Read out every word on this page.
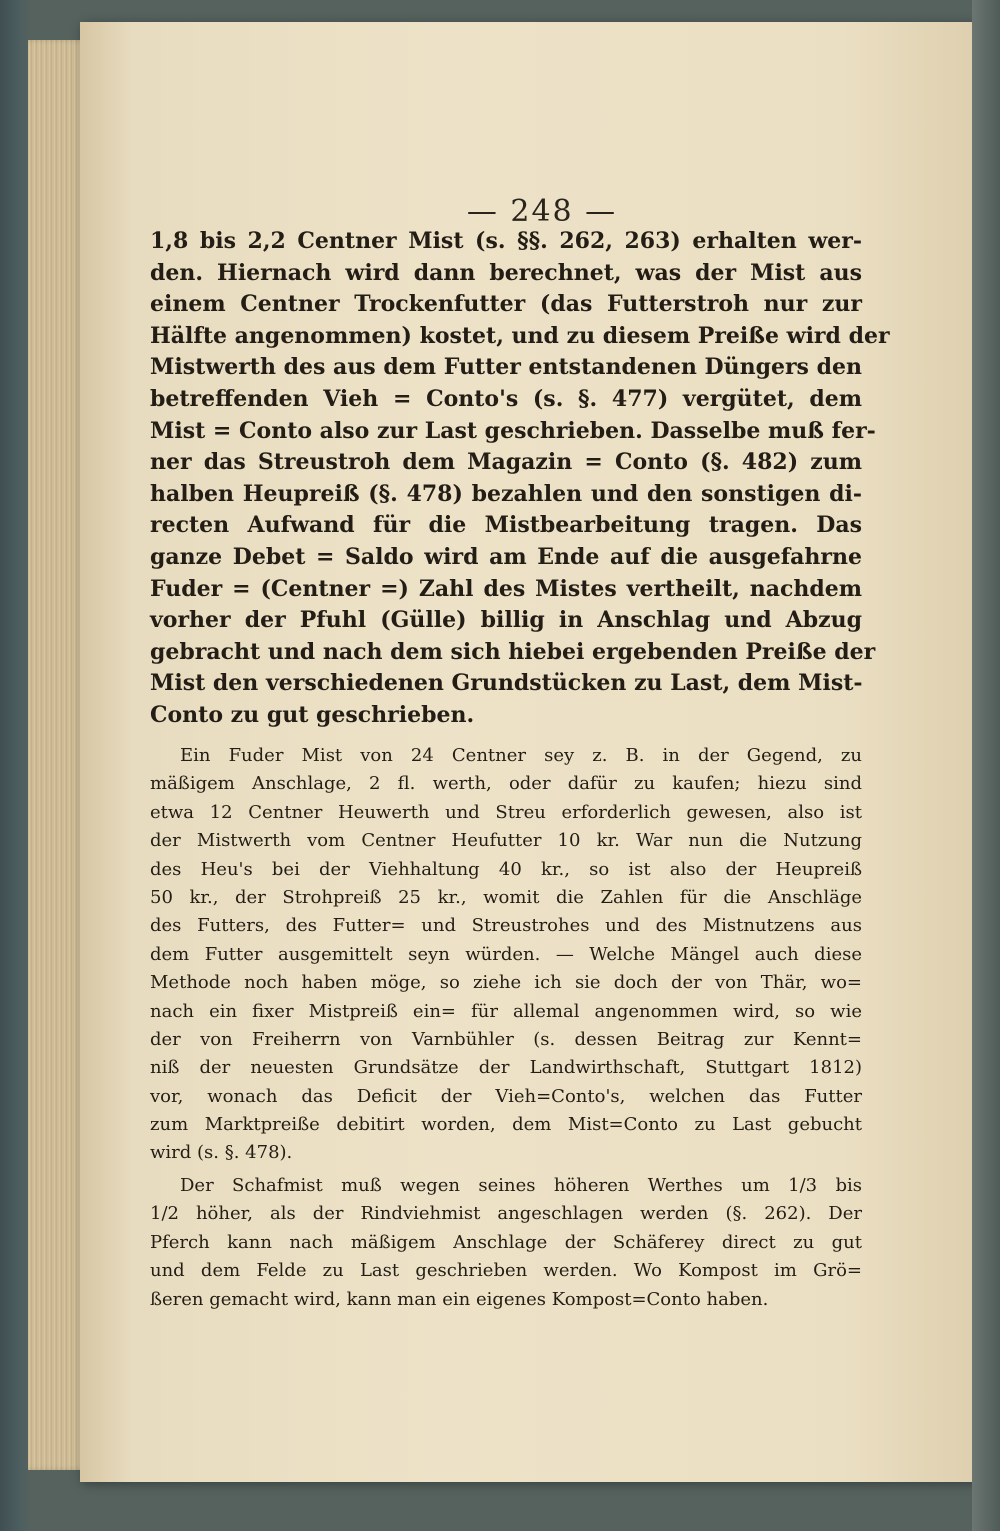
— 248 —
1,8 bis 2,2 Centner Mist (s. §§. 262, 263) erhalten wer-
den. Hiernach wird dann berechnet, was der Mist aus
einem Centner Trockenfutter (das Futterstroh nur zur
Hälfte angenommen) kostet, und zu diesem Preiße wird der
Mistwerth des aus dem Futter entstandenen Düngers den
betreffenden Vieh = Conto's (s. §. 477) vergütet, dem
Mist = Conto also zur Last geschrieben. Dasselbe muß fer-
ner das Streustroh dem Magazin = Conto (§. 482) zum
halben Heupreiß (§. 478) bezahlen und den sonstigen di-
recten Aufwand für die Mistbearbeitung tragen. Das
ganze Debet = Saldo wird am Ende auf die ausgefahrne
Fuder = (Centner =) Zahl des Mistes vertheilt, nachdem
vorher der Pfuhl (Gülle) billig in Anschlag und Abzug
gebracht und nach dem sich hiebei ergebenden Preiße der
Mist den verschiedenen Grundstücken zu Last, dem Mist-
Conto zu gut geschrieben.
Ein Fuder Mist von 24 Centner sey z. B. in der Gegend, zu
mäßigem Anschlage, 2 fl. werth, oder dafür zu kaufen; hiezu sind
etwa 12 Centner Heuwerth und Streu erforderlich gewesen, also ist
der Mistwerth vom Centner Heufutter 10 kr. War nun die Nutzung
des Heu's bei der Viehhaltung 40 kr., so ist also der Heupreiß
50 kr., der Strohpreiß 25 kr., womit die Zahlen für die Anschläge
des Futters, des Futter= und Streustrohes und des Mistnutzens aus
dem Futter ausgemittelt seyn würden. — Welche Mängel auch diese
Methode noch haben möge, so ziehe ich sie doch der von Thär, wo=
nach ein fixer Mistpreiß ein= für allemal angenommen wird, so wie
der von Freiherrn von Varnbühler (s. dessen Beitrag zur Kennt=
niß der neuesten Grundsätze der Landwirthschaft, Stuttgart 1812)
vor, wonach das Deficit der Vieh=Conto's, welchen das Futter
zum Marktpreiße debitirt worden, dem Mist=Conto zu Last gebucht
wird (s. §. 478).
Der Schafmist muß wegen seines höheren Werthes um 1/3 bis
1/2 höher, als der Rindviehmist angeschlagen werden (§. 262). Der
Pferch kann nach mäßigem Anschlage der Schäferey direct zu gut
und dem Felde zu Last geschrieben werden. Wo Kompost im Grö=
ßeren gemacht wird, kann man ein eigenes Kompost=Conto haben.
